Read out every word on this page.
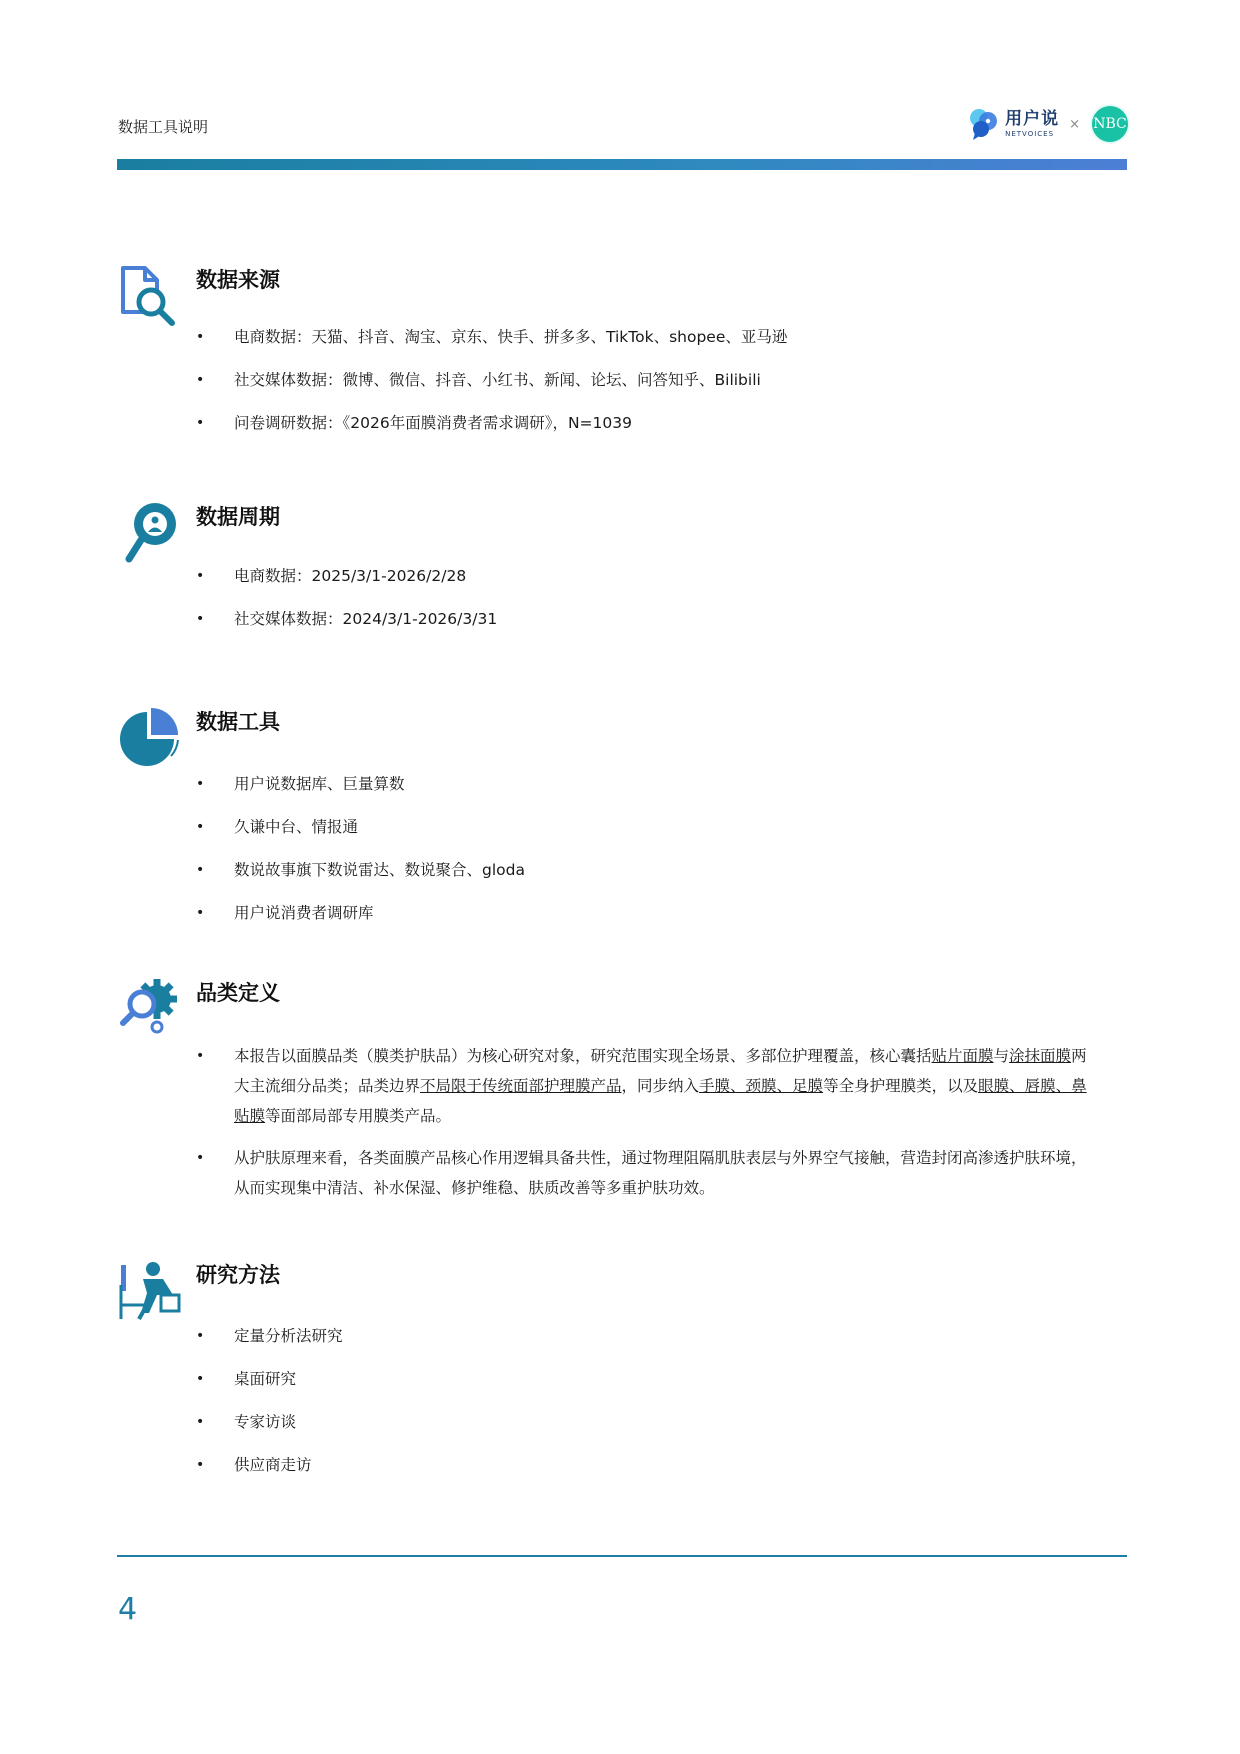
数据工具说明	用户说
NETVOICES
× NBC
数据来源
• 电商数据：天猫、抖音、淘宝、京东、快手、拼多多、TikTok、shopee、亚马逊
• 社交媒体数据：微博、微信、抖音、小红书、新闻、论坛、问答知乎、Bilibili
• 问卷调研数据：《2026年面膜消费者需求调研》，N=1039
数据周期
• 电商数据：2025/3/1-2026/2/28
• 社交媒体数据：2024/3/1-2026/3/31
数据工具
• 用户说数据库、巨量算数
• 久谦中台、情报通
• 数说故事旗下数说雷达、数说聚合、gloda
• 用户说消费者调研库
品类定义
• 本报告以面膜品类（膜类护肤品）为核心研究对象，研究范围实现全场景、多部位护理覆盖，核心囊括贴片面膜与涂抹面膜两大主流细分品类；品类边界不局限于传统面部护理膜产品，同步纳入手膜、颈膜、足膜等全身护理膜类，以及眼膜、唇膜、鼻贴膜等面部局部专用膜类产品。
• 从护肤原理来看，各类面膜产品核心作用逻辑具备共性，通过物理阻隔肌肤表层与外界空气接触，营造封闭高渗透护肤环境，从而实现集中清洁、补水保湿、修护维稳、肤质改善等多重护肤功效。
研究方法
• 定量分析法研究
• 桌面研究
• 专家访谈
• 供应商走访
4
